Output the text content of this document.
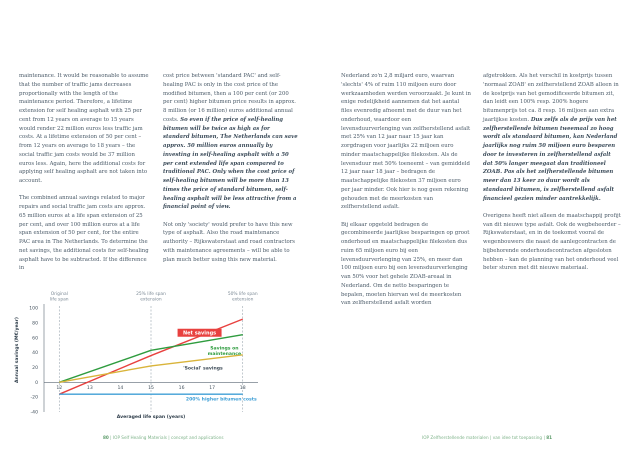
maintenance. It would be reasonable to assume that the number of traffic jams decreases proportionally with the length of the maintenance period. Therefore, a lifetime extension for self healing asphalt with 25 per cent from 12 years on average to 15 years would render 22 million euros less traffic jam costs. At a lifetime extension of 50 per cent – from 12 years on average to 18 years – the social traffic jam costs would be 37 million euros less. Again, here the additional costs for applying self healing asphalt are not taken into account.

The combined annual savings related to major repairs and social traffic jam costs are approx. 65 million euros at a life span extension of 25 per cent, and over 100 million euros at a life span extension of 50 per cent, for the entire PAC area in The Netherlands. To determine the net savings, the additional costs for self-healing asphalt have to be subtracted. If the difference in

cost price between 'standard PAC' and self-healing PAC is only in the cost price of the modified bitumen, then a 100 per cent (or 200 per cent) higher bitumen price results in approx. 8 million (or 16 million) euros additional annual costs. So even if the price of self-healing bitumen will be twice as high as for standard bitumen, The Netherlands can save approx. 50 million euros annually by investing in self-healing asphalt with a 50 per cent extended life span compared to traditional PAC. Only when the cost price of self-healing bitumen will be more than 13 times the price of standard bitumen, self-healing asphalt will be less attractive from a financial point of view.

Not only 'society' would prefer to have this new type of asphalt. Also the road maintenance authority – Rijkswaterstaat and road contractors with maintenance agreements – will be able to plan much better using this new material.

Original
life span
25% life span
extension
50% life span
extension
100
80
60
40
20
0
-20
-40
12	13	14	15	16	17	18
Annual savings (M€/year)
Averaged life span (years)
Net savings
Savings on
maintenance
'Social' savings
200% higher bitumen costs
80 | IOP Self Healing Materials | concept and applications

Nederland zo'n 2,8 miljard euro, waarvan 'slechts' 4% of ruim 110 miljoen euro door werkzaamheden werden veroorzaakt. Je kunt in enige redelijkheid aannemen dat het aantal files evenredig afneemt met de duur van het onderhoud, waardoor een levensduurverlenging van zelfherstellend asfalt met 25% van 12 jaar naar 15 jaar kan zorgdragen voor jaarlijks 22 miljoen euro minder maatschappelijke filekosten. Als de levensduur met 50% toeneemt – van gemiddeld 12 jaar naar 18 jaar – bedragen de maatschappelijke filekosten 37 miljoen euro per jaar minder. Ook hier is nog geen rekening gehouden met de meerkosten van zelfherstellend asfalt.

Bij elkaar opgeteld bedragen de gecombineerde jaarlijkse besparingen op groot onderhoud en maatschappelijke filekosten dus ruim 65 miljoen euro bij een levensduurverlenging van 25%, en meer dan 100 miljoen euro bij een levensduurverlenging van 50% voor het gehele ZOAB-areaal in Nederland. Om de netto besparingen te bepalen, moeten hiervan wel de meerkosten van zelfherstellend asfalt worden

afgetrokken. Als het verschil in kostprijs tussen 'normaal ZOAB' en zelfherstellend ZOAB alleen in de kostprijs van het gemodificeerde bitumen zit, dan leidt een 100% resp. 200% hogere bitumenprijs tot ca. 8 resp. 16 miljoen aan extra jaarlijkse kosten. Dus zelfs als de prijs van het zelfherstellende bitumen tweemaal zo hoog wordt als standaard bitumen, kan Nederland jaarlijks nog ruim 50 miljoen euro besparen door te investeren in zelfherstellend asfalt dat 50% langer meegaat dan traditioneel ZOAB. Pas als het zelfherstellende bitumen meer dan 13 keer zo duur wordt als standaard bitumen, is zelfherstellend asfalt financieel gezien minder aantrekkelijk.

Overigens heeft niet alleen de maatschappij profijt van dit nieuwe type asfalt. Ook de wegbeheerder – Rijkswaterstaat, en in de toekomst vooral de wegenbouwers die naast de aanlegcontracten de bijbehorende onderhoudscontracten afgesloten hebben – kan de planning van het onderhoud veel beter sturen met dit nieuwe materiaal.

IOP Zelfherstellende materialen | van idee tot toepassing | 81
